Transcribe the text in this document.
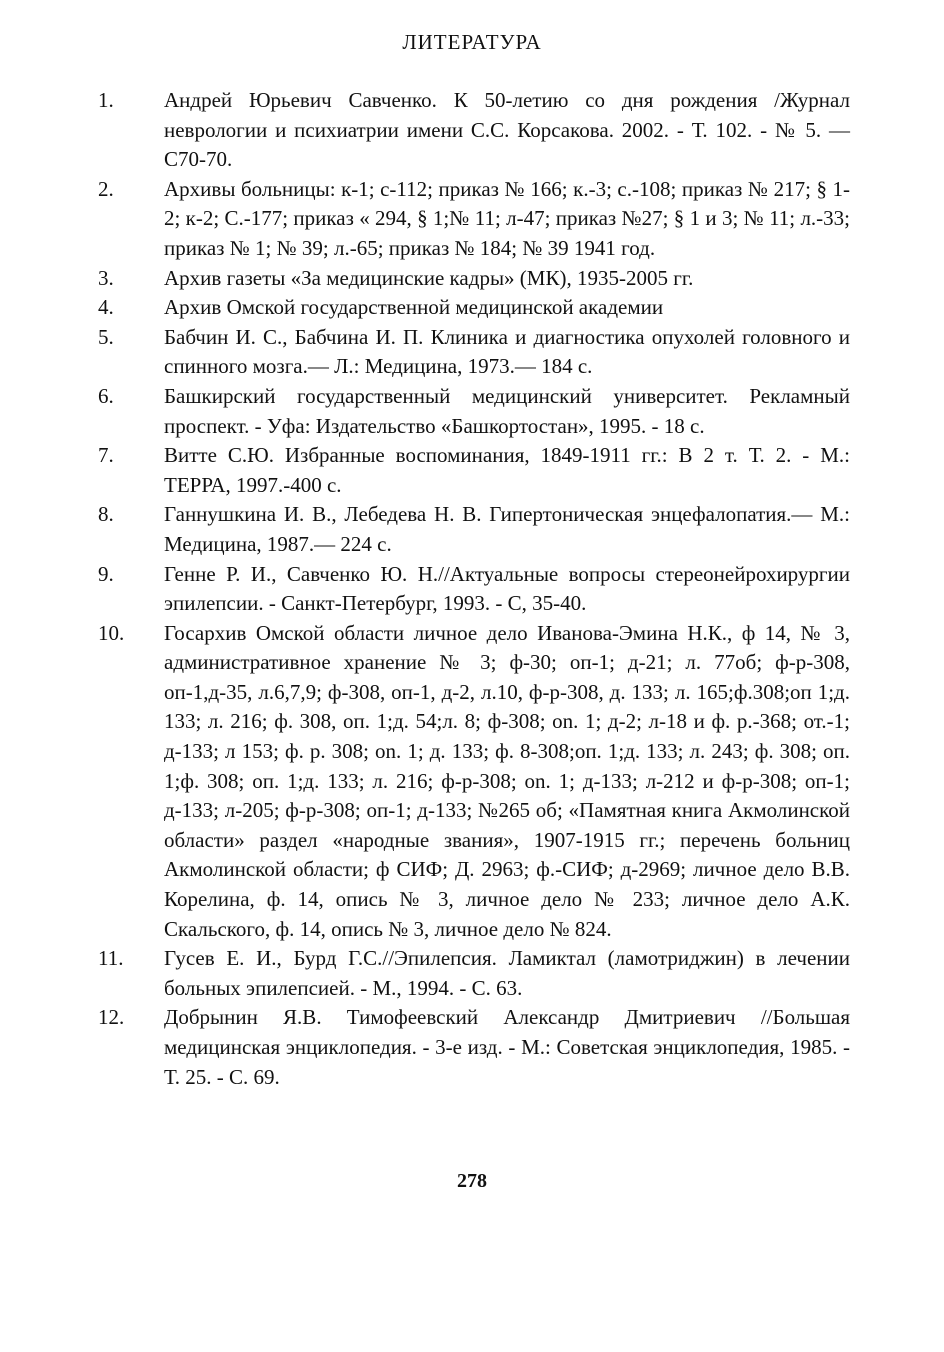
ЛИТЕРАТУРА
1.	Андрей Юрьевич Савченко. К 50-летию со дня рождения /Журнал неврологии и психиатрии имени С.С. Корсакова. 2002. - Т. 102. - № 5. —С70-70.
2.	Архивы больницы: к-1; с-112; приказ № 166; к.-3; с.-108; приказ № 217; § 1-2; к-2; С.-177; приказ « 294, § 1;№ 11; л-47; приказ №27; § 1 и 3; № 11; л.-33; приказ № 1; № 39; л.-65; приказ № 184; № 39 1941 год.
3.	Архив газеты «За медицинские кадры» (МК), 1935-2005 гг.
4.	Архив Омской государственной медицинской академии
5.	Бабчин И. С., Бабчина И. П. Клиника и диагностика опухолей головного и спинного мозга.— Л.: Медицина, 1973.— 184 с.
6.	Башкирский государственный медицинский университет. Рекламный проспект. - Уфа: Издательство «Башкортостан», 1995. - 18 с.
7.	Витте С.Ю. Избранные воспоминания, 1849-1911 гг.: В 2 т. Т. 2. - М.: ТЕРРА, 1997.-400 с.
8.	Ганнушкина И. В., Лебедева Н. В. Гипертоническая энцефалопатия.— М.: Медицина, 1987.— 224 с.
9.	Генне Р. И., Савченко Ю. Н.//Актуальные вопросы стереонейрохирургии эпилепсии. - Санкт-Петербург, 1993. - С, 35-40.
10.	Госархив Омской области личное дело Иванова-Эмина Н.К., ф 14, № 3, административное хранение № 3; ф-30; оп-1; д-21; л. 77об; ф-р-308, оп-1,д-35, л.6,7,9; ф-308, оп-1, д-2, л.10, ф-р-308, д. 133; л. 165;ф.308;оп 1;д. 133; л. 216; ф. 308, оп. 1;д. 54;л. 8; ф-308; оn. 1; д-2; л-18 и ф. р.-368; от.-1; д-133; л 153; ф. р. 308; оn. 1; д. 133; ф. 8-308;оп. 1;д. 133; л. 243; ф. 308; оп. 1;ф. 308; оп. 1;д. 133; л. 216; ф-р-308; оn. 1; д-133; л-212 и ф-р-308; оп-1; д-133; л-205; ф-р-308; оп-1; д-133; №265 об; «Памятная книга Акмолинской области» раздел «народные звания», 1907-1915 гг.; перечень больниц Акмолинской области; ф СИФ; Д. 2963; ф.-СИФ; д-2969; личное дело В.В. Корелина, ф. 14, опись № 3, личное дело № 233; личное дело А.К. Скальского, ф. 14, опись № 3, личное дело № 824.
11.	Гусев Е. И., Бурд Г.С.//Эпилепсия. Ламиктал (ламотриджин) в лечении больных эпилепсией. - М., 1994. - С. 63.
12.	Добрынин Я.В. Тимофеевский Александр Дмитриевич //Большая медицинская энциклопедия. - 3-е изд. - М.: Советская энциклопедия, 1985. - Т. 25. - С. 69.
278
